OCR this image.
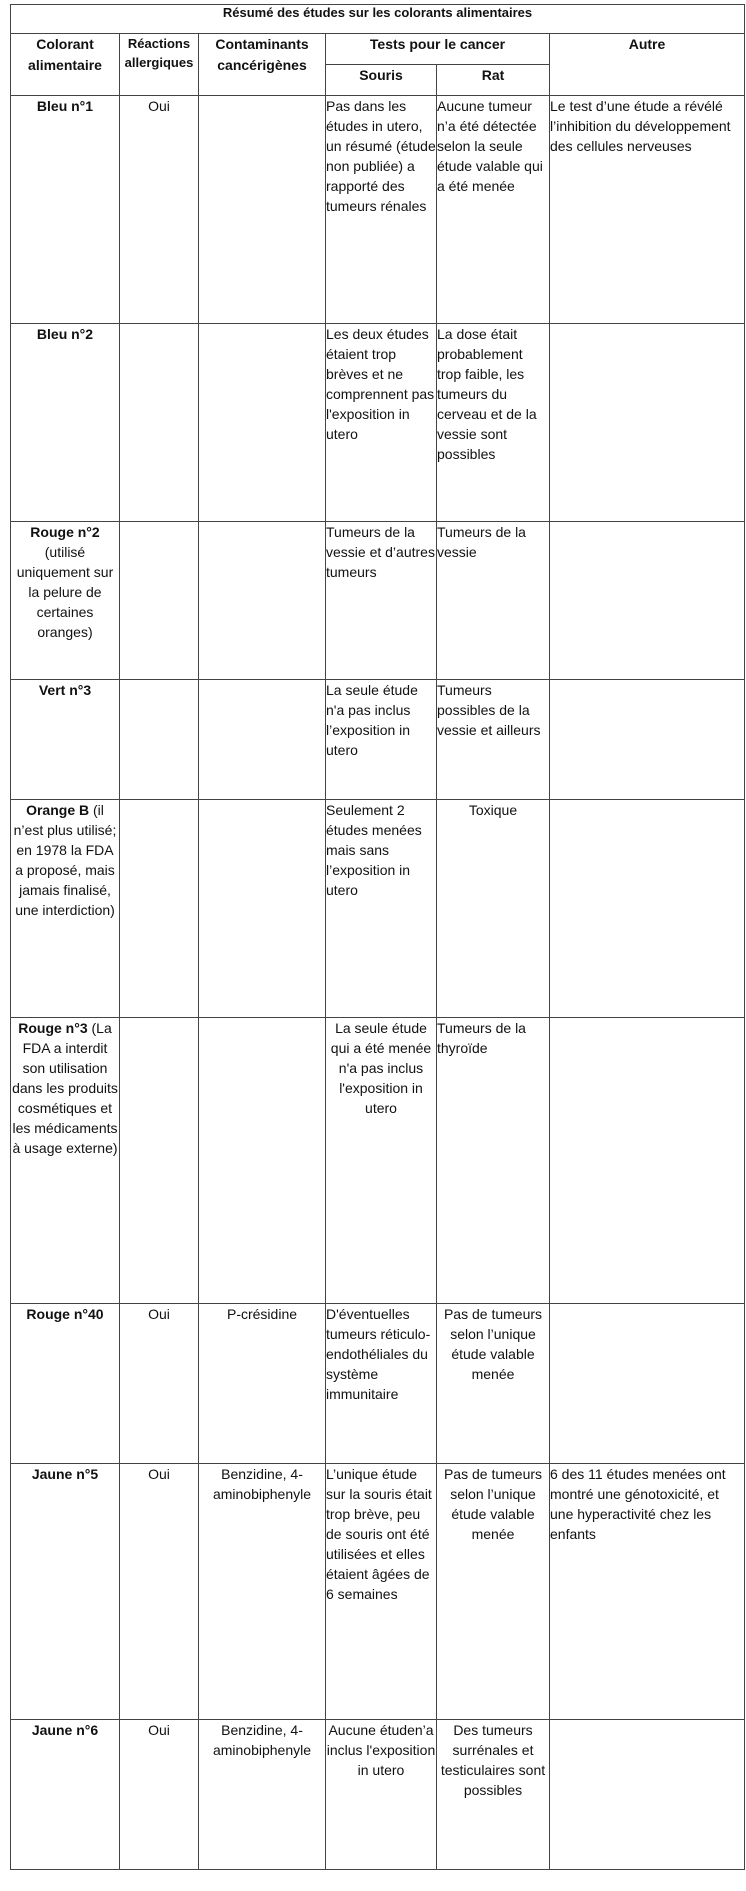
Résumé des études sur les colorants alimentaires					
Colorant alimentaire	Réactions allergiques	Contaminants cancérigènes	Tests pour le cancer		Autre
			Souris	Rat	
Bleu n°1	Oui		Pas dans les études in utero, un résumé (étude non publiée) a rapporté des tumeurs rénales	Aucune tumeur n’a été détectée selon la seule étude valable qui a été menée	Le test d’une étude a révélé l’inhibition du développement des cellules nerveuses
Bleu n°2			Les deux études étaient trop brèves et ne comprennent pas l'exposition in utero	La dose était probablement trop faible, les tumeurs du cerveau et de la vessie sont possibles	
Rouge n°2 (utilisé uniquement sur la pelure de certaines oranges)			Tumeurs de la vessie et d’autres tumeurs	Tumeurs de la vessie	
Vert n°3			La seule étude n'a pas inclus l’exposition in utero	Tumeurs possibles de la vessie et ailleurs	
Orange B (il n’est plus utilisé; en 1978 la FDA a proposé, mais jamais finalisé, une interdiction)			Seulement 2 études menées mais sans l’exposition in utero	Toxique	
Rouge n°3 (La FDA a interdit son utilisation dans les produits cosmétiques et les médicaments à usage externe)			La seule étude qui a été menée n'a pas inclus l'exposition in utero	Tumeurs de la thyroïde	
Rouge n°40	Oui	P-crésidine	D'éventuelles tumeurs réticulo-endothéliales du système immunitaire	Pas de tumeurs selon l’unique étude valable menée	
Jaune n°5	Oui	Benzidine, 4-aminobiphenyle	L’unique étude sur la souris était trop brève, peu de souris ont été utilisées et elles étaient âgées de 6 semaines	Pas de tumeurs selon l’unique étude valable menée	6 des 11 études menées ont montré une génotoxicité, et une hyperactivité chez les enfants
Jaune n°6	Oui	Benzidine, 4-aminobiphenyle	Aucune étuden’a inclus l'exposition in utero	Des tumeurs surrénales et testiculaires sont possibles	
